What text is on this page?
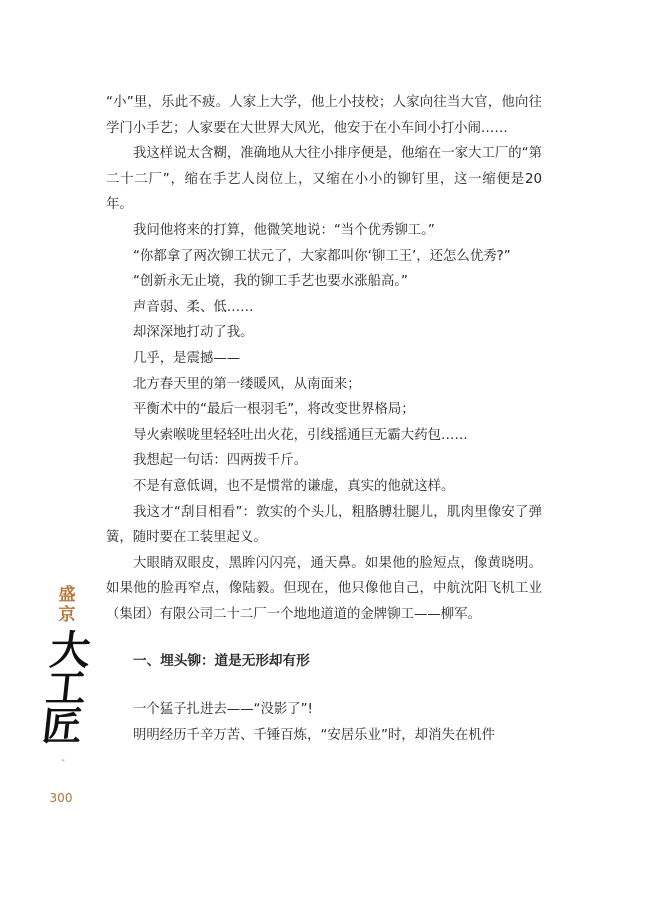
“小”里，乐此不疲。人家上大学，他上小技校；人家向往当大官，他向往学门小手艺；人家要在大世界大风光，他安于在小车间小打小闹……

我这样说太含糊，准确地从大往小排序便是，他缩在一家大工厂的“第二十二厂”，缩在手艺人岗位上，又缩在小小的铆钉里，这一缩便是20年。

我问他将来的打算，他微笑地说：“当个优秀铆工。”

“你都拿了两次铆工状元了，大家都叫你‘铆工王’，还怎么优秀?”

“创新永无止境，我的铆工手艺也要水涨船高。”

声音弱、柔、低……

却深深地打动了我。

几乎，是震撼——

北方春天里的第一缕暖风，从南面来；

平衡术中的“最后一根羽毛”，将改变世界格局；

导火索喉咙里轻轻吐出火花，引线摇通巨无霸大药包……

我想起一句话：四两拨千斤。

不是有意低调，也不是惯常的谦虚，真实的他就这样。

我这才“刮目相看”：敦实的个头儿，粗胳膊壮腿儿，肌肉里像安了弹簧，随时要在工装里起义。

大眼睛双眼皮，黑眸闪闪亮，通天鼻。如果他的脸短点，像黄晓明。如果他的脸再窄点，像陆毅。但现在，他只像他自己，中航沈阳飞机工业（集团）有限公司二十二厂一个地地道道的金牌铆工——柳军。

一、埋头铆：道是无形却有形

一个猛子扎进去——“没影了”!

明明经历千辛万苦、千锤百炼，“安居乐业”时，却消失在机件

盛京
大工匠
-
300
